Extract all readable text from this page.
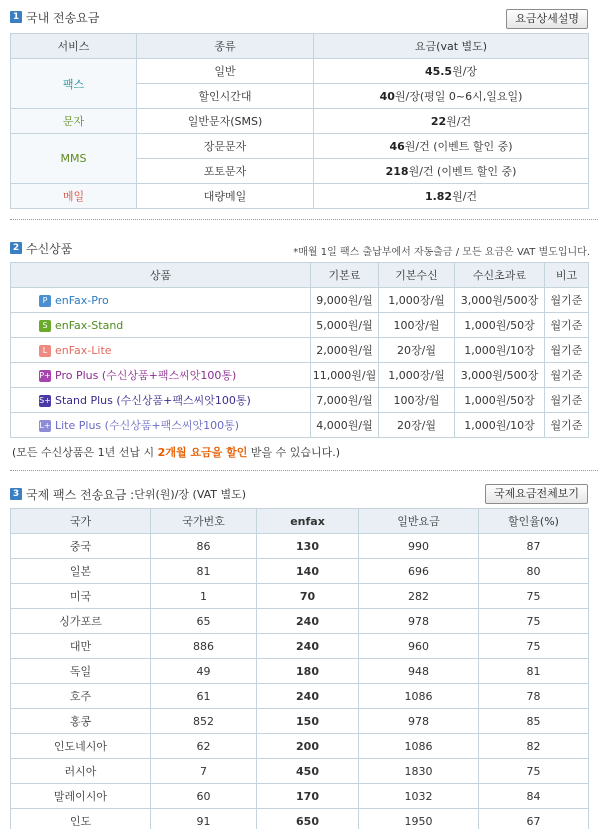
1 국내 전송요금	요금상세설명
서비스	종류	요금(vat 별도)
팩스	일반	45.5원/장
	할인시간대	40원/장(평일 0~6시,일요일)
문자	일반문자(SMS)	22원/건
MMS	장문문자	46원/건 (이벤트 할인 중)
	포토문자	218원/건 (이벤트 할인 중)
메일	대량메일	1.82원/건
2 수신상품	*매월 1일 팩스 출납부에서 자동출금 / 모든 요금은 VAT 별도입니다.
상품	기본료	기본수신	수신초과료	비고
P enFax-Pro	9,000원/월	1,000장/월	3,000원/500장	월기준
S enFax-Stand	5,000원/월	100장/월	1,000원/50장	월기준
L enFax-Lite	2,000원/월	20장/월	1,000원/10장	월기준
P+ Pro Plus (수신상품+팩스씨앗100통)	11,000원/월	1,000장/월	3,000원/500장	월기준
S+ Stand Plus (수신상품+팩스씨앗100통)	7,000원/월	100장/월	1,000원/50장	월기준
L+ Lite Plus (수신상품+팩스씨앗100통)	4,000원/월	20장/월	1,000원/10장	월기준
(모든 수신상품은 1년 선납 시 2개월 요금을 할인 받을 수 있습니다.)
3 국제 팩스 전송요금 : 단위(원)/장 (VAT 별도)	국제요금전체보기
국가	국가번호	enfax	일반요금	할인율(%)
중국	86	130	990	87
일본	81	140	696	80
미국	1	70	282	75
싱가포르	65	240	978	75
대만	886	240	960	75
독일	49	180	948	81
호주	61	240	1086	78
홍콩	852	150	978	85
인도네시아	62	200	1086	82
러시아	7	450	1830	75
말레이시아	60	170	1032	84
인도	91	650	1950	67
